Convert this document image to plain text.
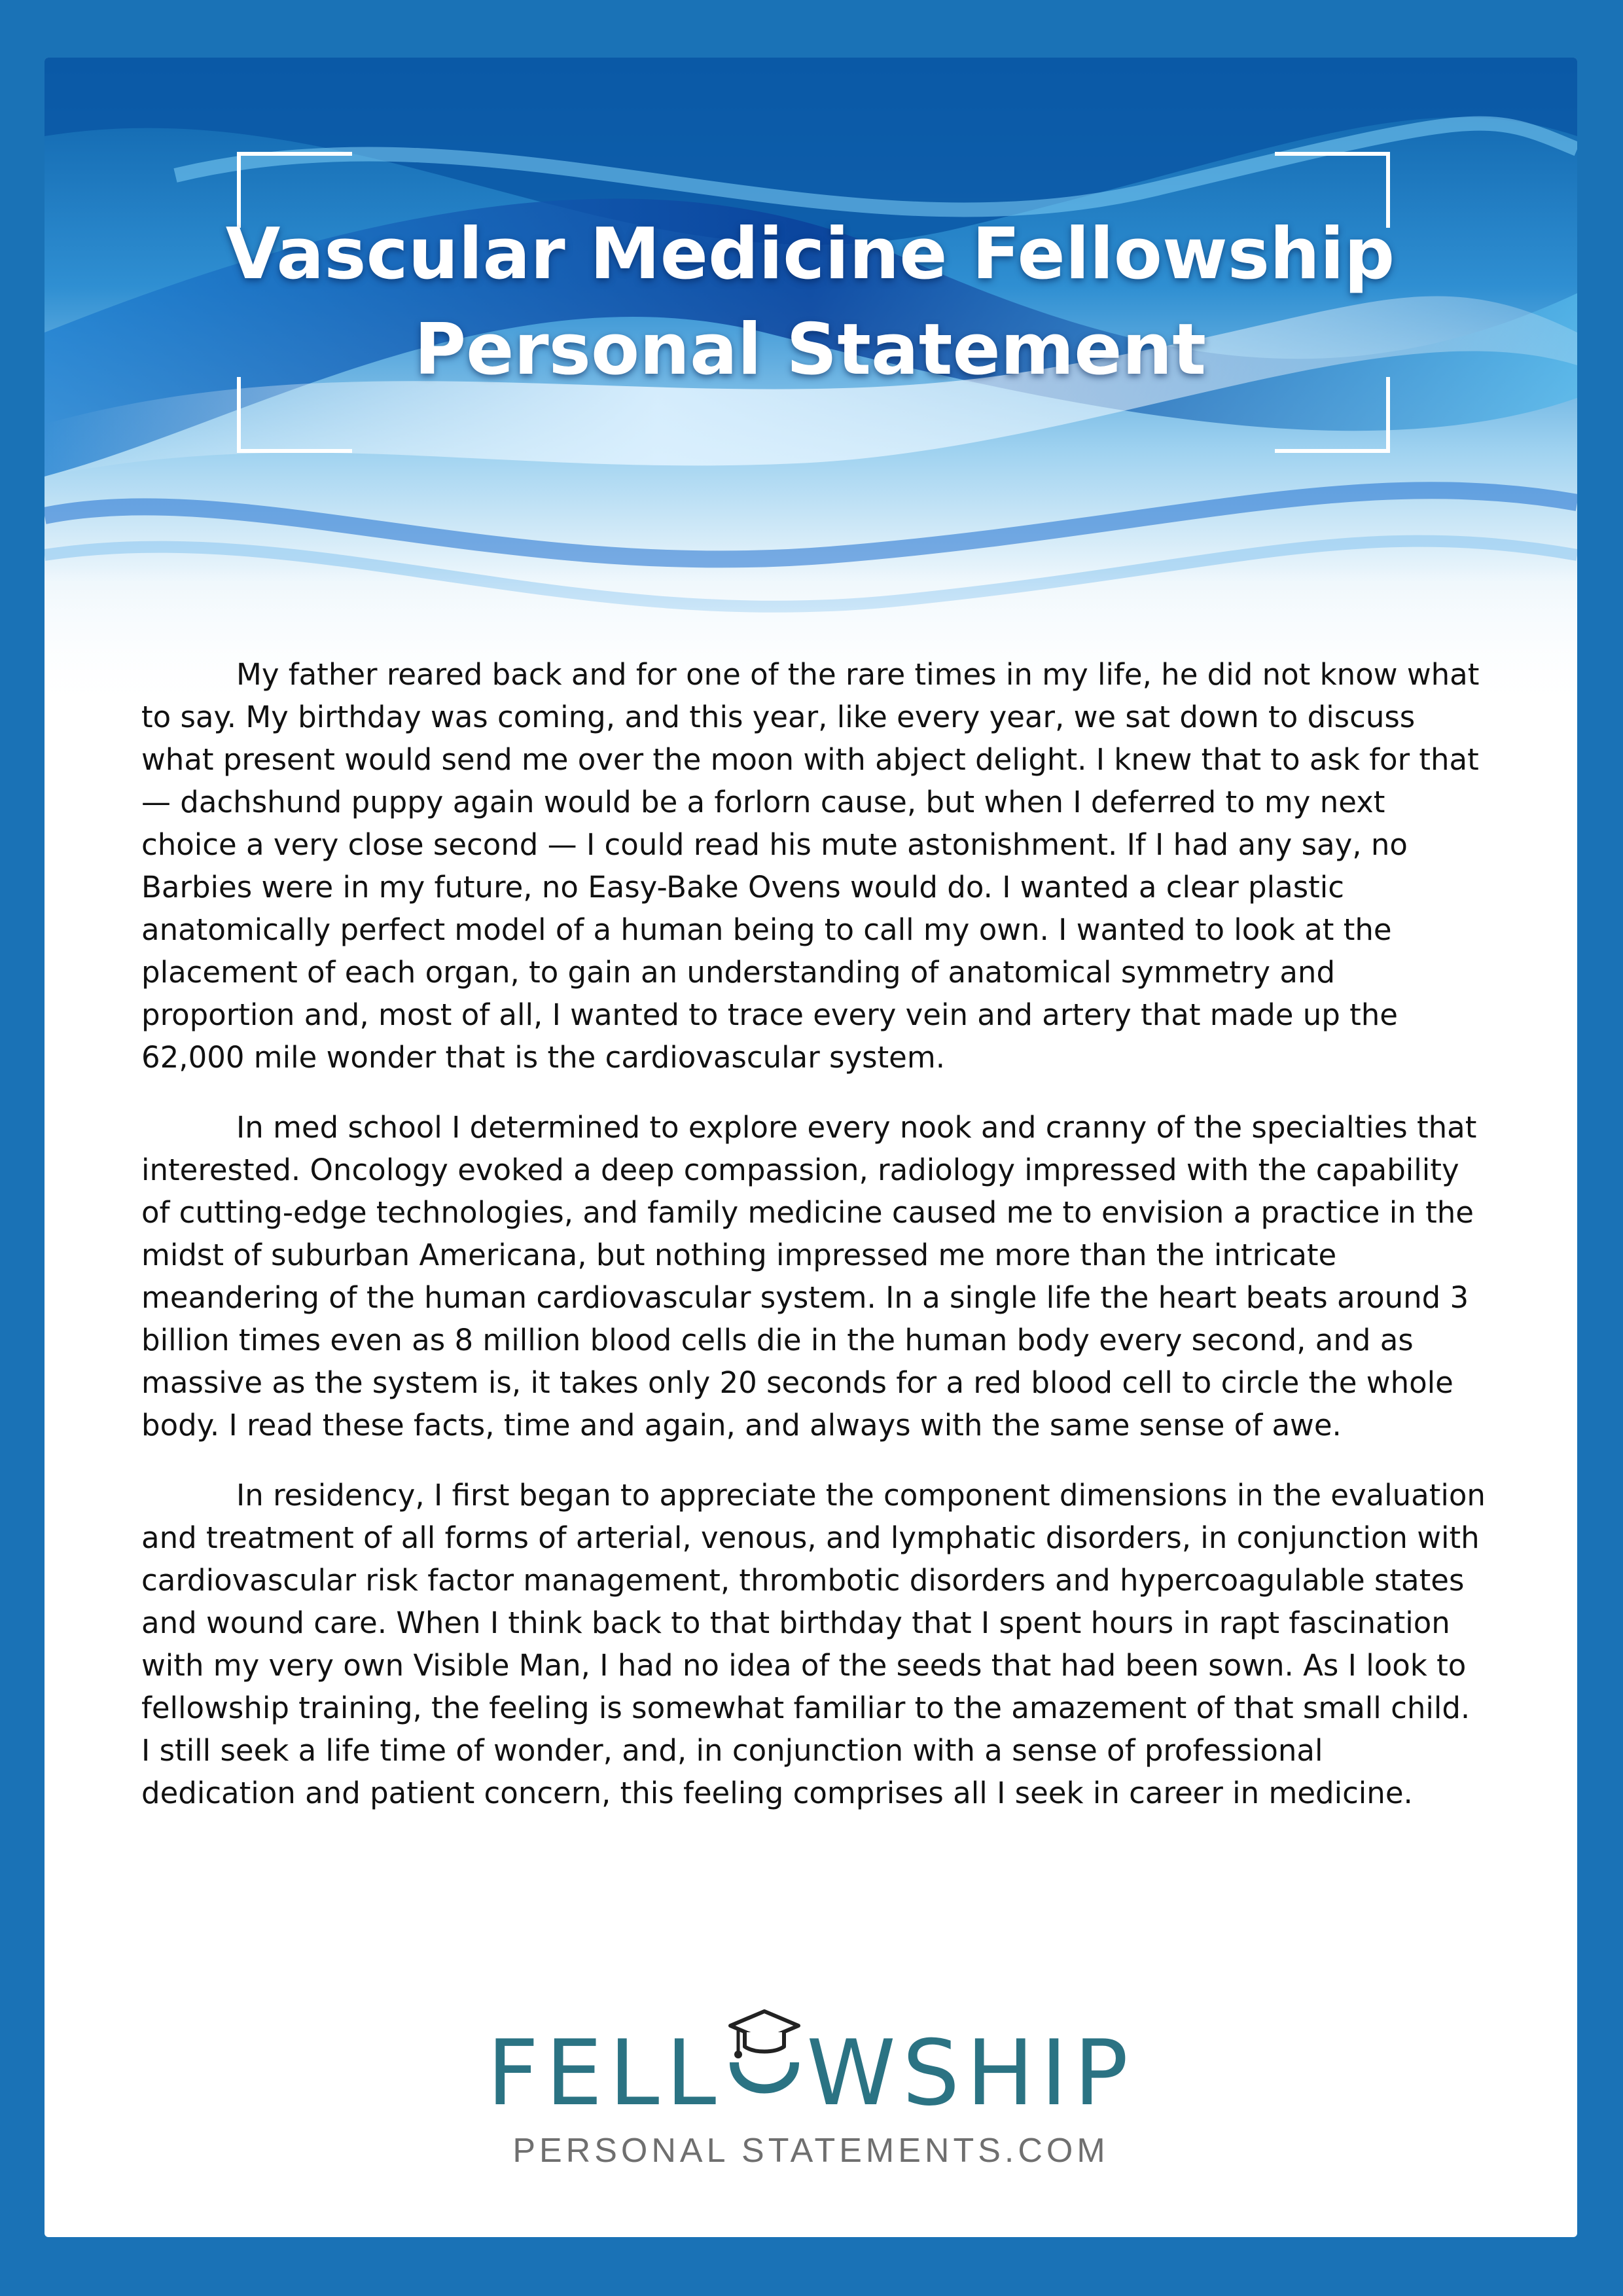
Vascular Medicine Fellowship
Personal Statement

My father reared back and for one of the rare times in my life, he did not know what to say. My birthday was coming, and this year, like every year, we sat down to discuss what present would send me over the moon with abject delight. I knew that to ask for that — dachshund puppy again would be a forlorn cause, but when I deferred to my next choice a very close second — I could read his mute astonishment. If I had any say, no Barbies were in my future, no Easy-Bake Ovens would do. I wanted a clear plastic anatomically perfect model of a human being to call my own. I wanted to look at the placement of each organ, to gain an understanding of anatomical symmetry and proportion and, most of all, I wanted to trace every vein and artery that made up the 62,000 mile wonder that is the cardiovascular system.

In med school I determined to explore every nook and cranny of the specialties that interested. Oncology evoked a deep compassion, radiology impressed with the capability of cutting-edge technologies, and family medicine caused me to envision a practice in the midst of suburban Americana, but nothing impressed me more than the intricate meandering of the human cardiovascular system. In a single life the heart beats around 3 billion times even as 8 million blood cells die in the human body every second, and as massive as the system is, it takes only 20 seconds for a red blood cell to circle the whole body. I read these facts, time and again, and always with the same sense of awe.

In residency, I first began to appreciate the component dimensions in the evaluation and treatment of all forms of arterial, venous, and lymphatic disorders, in conjunction with cardiovascular risk factor management, thrombotic disorders and hypercoagulable states and wound care. When I think back to that birthday that I spent hours in rapt fascination with my very own Visible Man, I had no idea of the seeds that had been sown. As I look to fellowship training, the feeling is somewhat familiar to the amazement of that small child. I still seek a life time of wonder, and, in conjunction with a sense of professional dedication and patient concern, this feeling comprises all I seek in career in medicine.

FELL WSHIP
PERSONAL STATEMENTS.COM
